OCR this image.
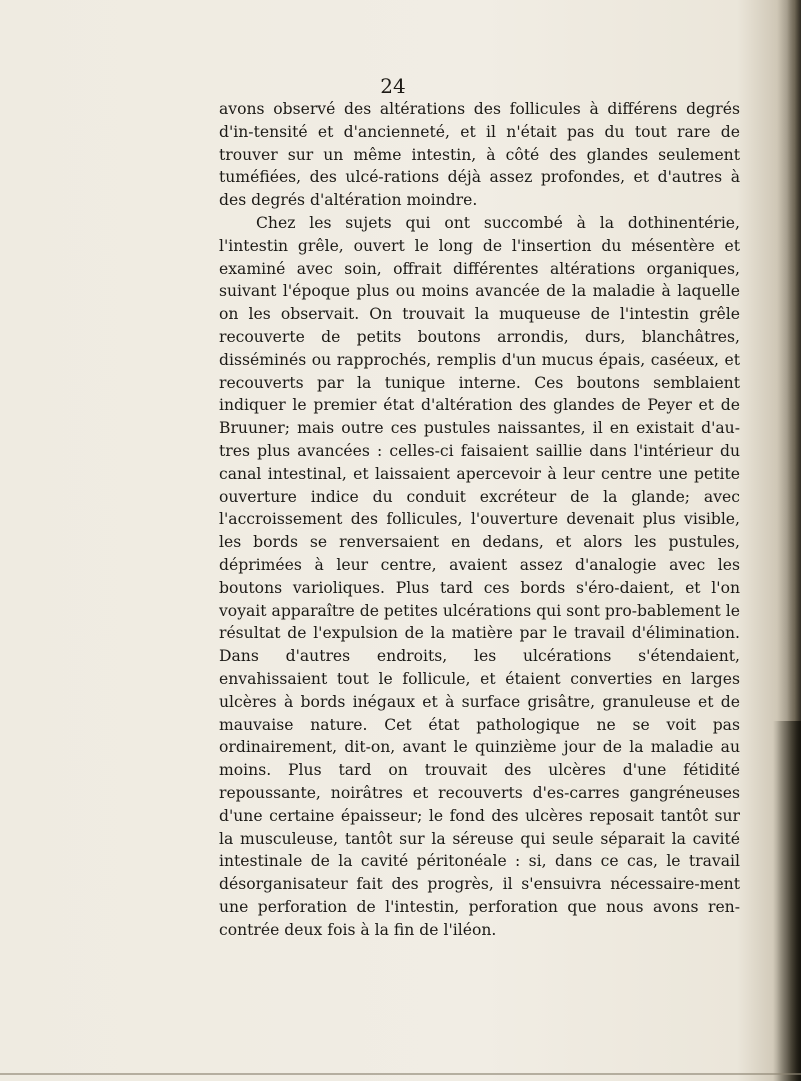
24

avons observé des altérations des follicules à différens degrés d'in-tensité et d'ancienneté, et il n'était pas du tout rare de trouver sur un même intestin, à côté des glandes seulement tuméfiées, des ulcé-rations déjà assez profondes, et d'autres à des degrés d'altération moindre.

Chez les sujets qui ont succombé à la dothinentérie, l'intestin grêle, ouvert le long de l'insertion du mésentère et examiné avec soin, offrait différentes altérations organiques, suivant l'époque plus ou moins avancée de la maladie à laquelle on les observait. On trouvait la muqueuse de l'intestin grêle recouverte de petits boutons arrondis, durs, blanchâtres, disséminés ou rapprochés, remplis d'un mucus épais, caséeux, et recouverts par la tunique interne. Ces boutons semblaient indiquer le premier état d'altération des glandes de Peyer et de Bruuner; mais outre ces pustules naissantes, il en existait d'au-tres plus avancées : celles-ci faisaient saillie dans l'intérieur du canal intestinal, et laissaient apercevoir à leur centre une petite ouverture indice du conduit excréteur de la glande; avec l'accroissement des follicules, l'ouverture devenait plus visible, les bords se renversaient en dedans, et alors les pustules, déprimées à leur centre, avaient assez d'analogie avec les boutons varioliques. Plus tard ces bords s'éro-daient, et l'on voyait apparaître de petites ulcérations qui sont pro-bablement le résultat de l'expulsion de la matière par le travail d'élimination. Dans d'autres endroits, les ulcérations s'étendaient, envahissaient tout le follicule, et étaient converties en larges ulcères à bords inégaux et à surface grisâtre, granuleuse et de mauvaise nature. Cet état pathologique ne se voit pas ordinairement, dit-on, avant le quinzième jour de la maladie au moins. Plus tard on trouvait des ulcères d'une fétidité repoussante, noirâtres et recouverts d'es-carres gangréneuses d'une certaine épaisseur; le fond des ulcères reposait tantôt sur la musculeuse, tantôt sur la séreuse qui seule séparait la cavité intestinale de la cavité péritonéale : si, dans ce cas, le travail désorganisateur fait des progrès, il s'ensuivra nécessaire-ment une perforation de l'intestin, perforation que nous avons ren-contrée deux fois à la fin de l'iléon.
